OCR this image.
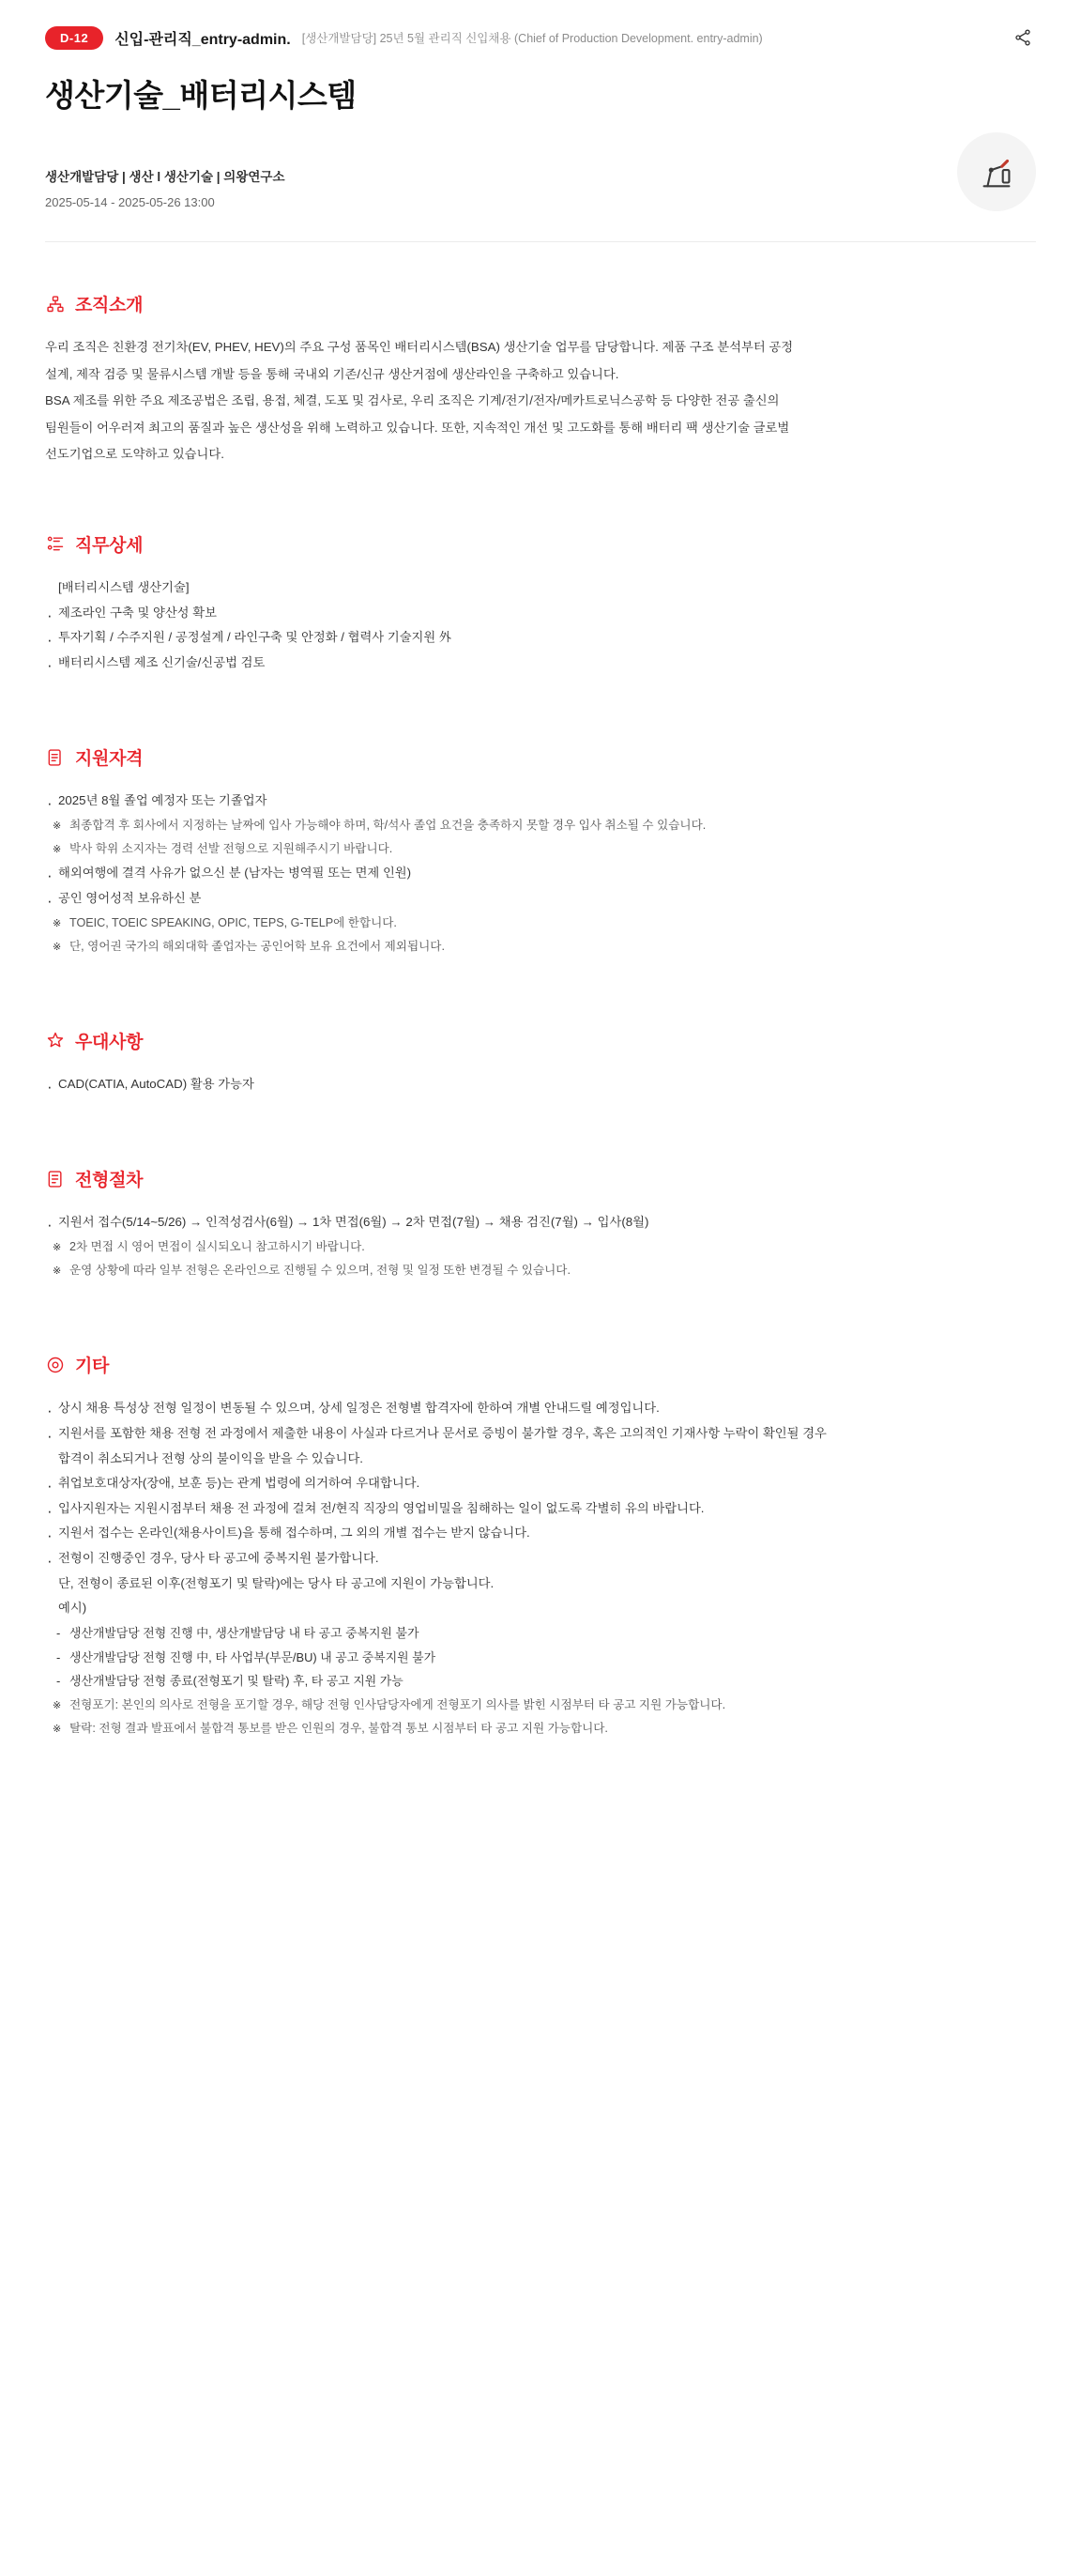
D-12	신입-관리직_entry-admin. [생산개발담당] 25년 5월 관리직 신입채용 (Chief of Production Development. entry-admin)
생산기술_배터리시스템
생산개발담당 | 생산 l 생산기술 | 의왕연구소
2025-05-14 - 2025-05-26 13:00
조직소개

우리 조직은 친환경 전기차(EV, PHEV, HEV)의 주요 구성 품목인 배터리시스템(BSA) 생산기술 업무를 담당합니다. 제품 구조 분석부터 공정

설계, 제작 검증 및 물류시스템 개발 등을 통해 국내외 기존/신규 생산거점에 생산라인을 구축하고 있습니다.

BSA 제조를 위한 주요 제조공법은 조립, 용접, 체결, 도포 및 검사로, 우리 조직은 기계/전기/전자/메카트로닉스공학 등 다양한 전공 출신의

팀원들이 어우러져 최고의 품질과 높은 생산성을 위해 노력하고 있습니다. 또한, 지속적인 개선 및 고도화를 통해 배터리 팩 생산기술 글로벌

선도기업으로 도약하고 있습니다.

직무상세
[배터리시스템 생산기술]
· 제조라인 구축 및 양산성 확보
· 투자기획 / 수주지원 / 공정설계 / 라인구축 및 안정화 / 협력사 기술지원 外
· 배터리시스템 제조 신기술/신공법 검토
지원자격
· 2025년 8월 졸업 예정자 또는 기졸업자
※ 최종합격 후 회사에서 지정하는 날짜에 입사 가능해야 하며, 학/석사 졸업 요건을 충족하지 못할 경우 입사 취소될 수 있습니다.
※ 박사 학위 소지자는 경력 선발 전형으로 지원해주시기 바랍니다.
· 해외여행에 결격 사유가 없으신 분 (남자는 병역필 또는 면제 인원)
· 공인 영어성적 보유하신 분
※ TOEIC, TOEIC SPEAKING, OPIC, TEPS, G-TELP에 한합니다.
※ 단, 영어권 국가의 해외대학 졸업자는 공인어학 보유 요건에서 제외됩니다.
우대사항
· CAD(CATIA, AutoCAD) 활용 가능자
전형절차
· 지원서 접수(5/14~5/26) → 인적성검사(6월) → 1차 면접(6월) → 2차 면접(7월) → 채용 검진(7월) → 입사(8월)
※ 2차 면접 시 영어 면접이 실시되오니 참고하시기 바랍니다.
※ 운영 상황에 따라 일부 전형은 온라인으로 진행될 수 있으며, 전형 및 일정 또한 변경될 수 있습니다.
기타
· 상시 채용 특성상 전형 일정이 변동될 수 있으며, 상세 일정은 전형별 합격자에 한하여 개별 안내드릴 예정입니다.
· 지원서를 포함한 채용 전형 전 과정에서 제출한 내용이 사실과 다르거나 문서로 증빙이 불가할 경우, 혹은 고의적인 기재사항 누락이 확인될 경우
합격이 취소되거나 전형 상의 불이익을 받을 수 있습니다.
· 취업보호대상자(장애, 보훈 등)는 관계 법령에 의거하여 우대합니다.
· 입사지원자는 지원시점부터 채용 전 과정에 걸쳐 전/현직 직장의 영업비밀을 침해하는 일이 없도록 각별히 유의 바랍니다.
· 지원서 접수는 온라인(채용사이트)을 통해 접수하며, 그 외의 개별 접수는 받지 않습니다.
· 전형이 진행중인 경우, 당사 타 공고에 중복지원 불가합니다.
단, 전형이 종료된 이후(전형포기 및 탈락)에는 당사 타 공고에 지원이 가능합니다.
예시)
- 생산개발담당 전형 진행 中, 생산개발담당 내 타 공고 중복지원 불가
- 생산개발담당 전형 진행 中, 타 사업부(부문/BU) 내 공고 중복지원 불가
- 생산개발담당 전형 종료(전형포기 및 탈락) 후, 타 공고 지원 가능
※ 전형포기: 본인의 의사로 전형을 포기할 경우, 해당 전형 인사담당자에게 전형포기 의사를 밝힌 시점부터 타 공고 지원 가능합니다.
※ 탈락: 전형 결과 발표에서 불합격 통보를 받은 인원의 경우, 불합격 통보 시점부터 타 공고 지원 가능합니다.
